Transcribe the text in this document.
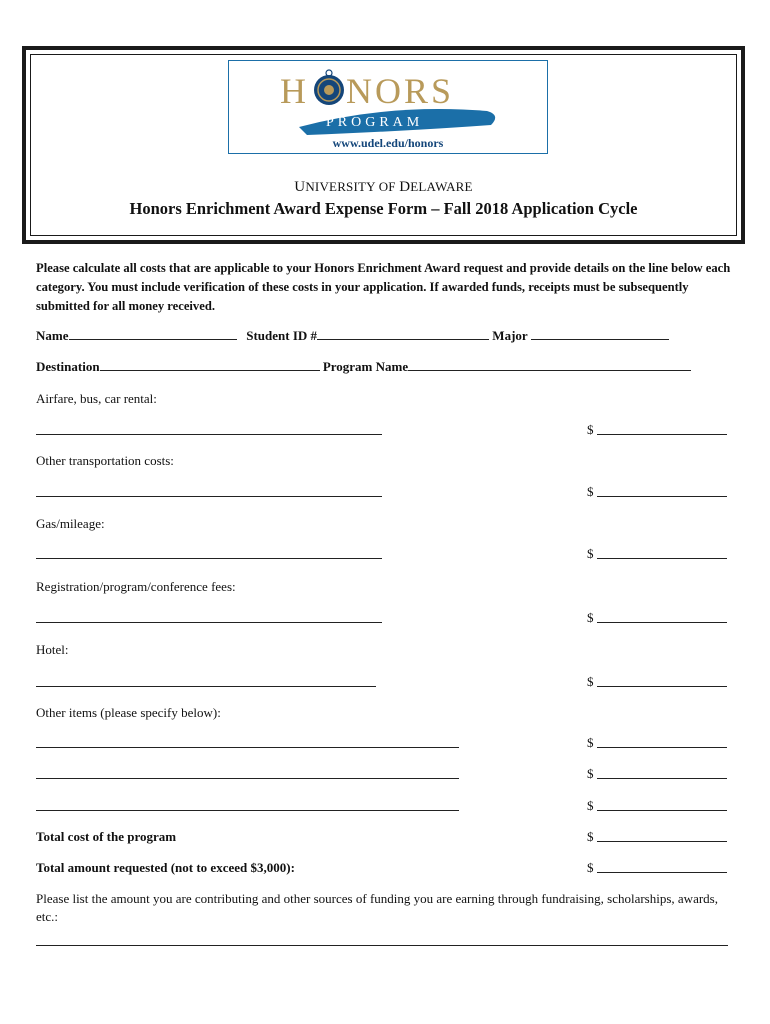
H NORS
PROGRAM
www.udel.edu/honors
UNIVERSITY OF DELAWARE
Honors Enrichment Award Expense Form – Fall 2018 Application Cycle
Please calculate all costs that are applicable to your Honors Enrichment Award request and provide details on the line below each category. You must include verification of these costs in your application. If awarded funds, receipts must be subsequently submitted for all money received.
Name	Student ID #	Major
Destination	Program Name
Airfare, bus, car rental:
$
Other transportation costs:
$
Gas/mileage:
$
Registration/program/conference fees:
$
Hotel:
$
Other items (please specify below):
$
$
$
Total cost of the program	$
Total amount requested (not to exceed $3,000):	$
Please list the amount you are contributing and other sources of funding you are earning through fundraising, scholarships, awards, etc.:
